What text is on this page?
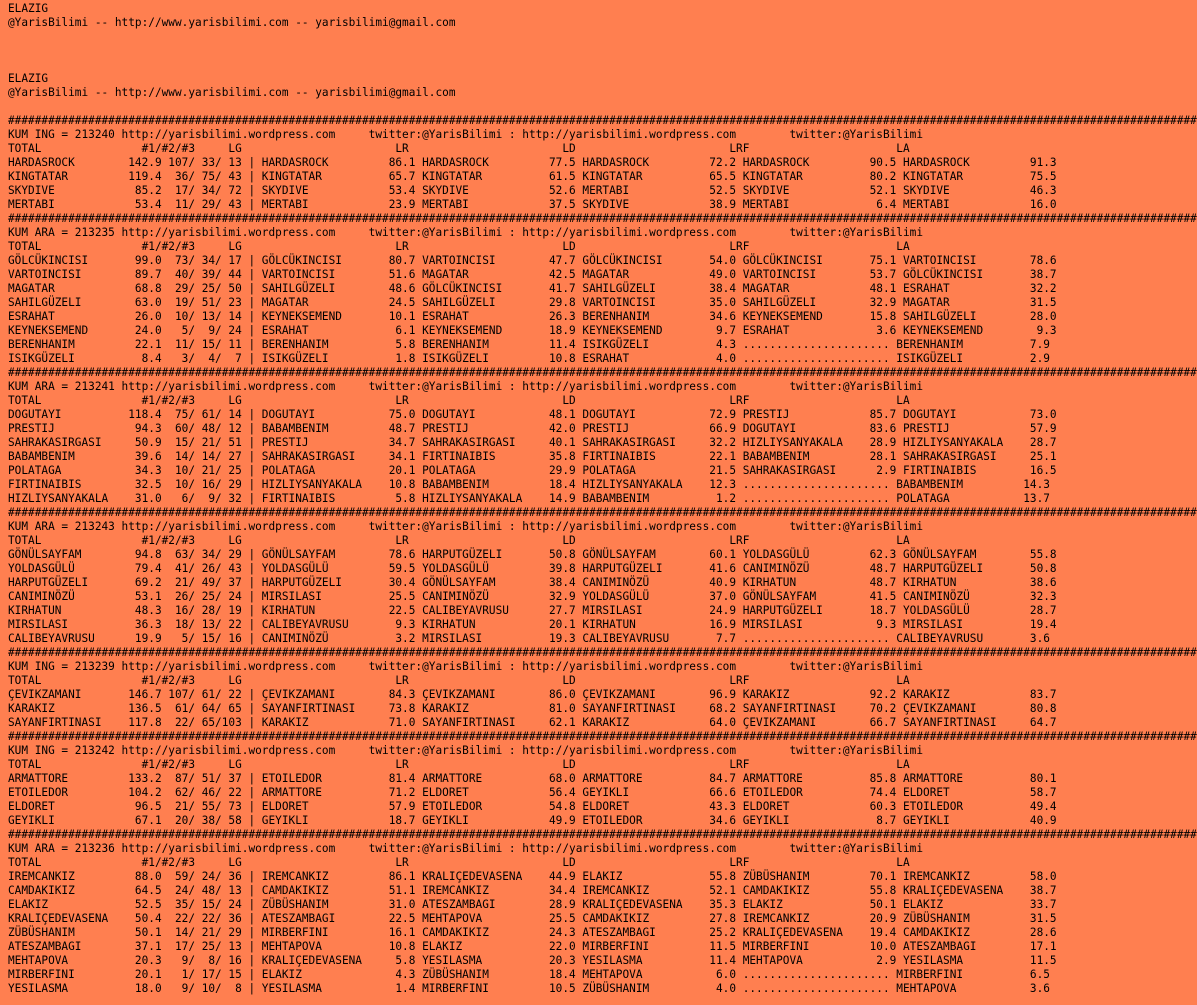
ELAZIG
@YarisBilimi -- http://www.yarisbilimi.com -- yarisbilimi@gmail.com
ELAZIG
@YarisBilimi -- http://www.yarisbilimi.com -- yarisbilimi@gmail.com
##################################################################################################################################################################################
KUM ING = 213240 http://yarisbilimi.wordpress.com     twitter:@YarisBilimi : http://yarisbilimi.wordpress.com        twitter:@YarisBilimi
TOTAL               #1/#2/#3     LG                       LR                       LD                       LRF                      LA
HARDASROCK        142.9 107/ 33/ 13 | HARDASROCK         86.1 HARDASROCK         77.5 HARDASROCK         72.2 HARDASROCK         90.5 HARDASROCK         91.3
KINGTATAR         119.4  36/ 75/ 43 | KINGTATAR          65.7 KINGTATAR          61.5 KINGTATAR          65.5 KINGTATAR          80.2 KINGTATAR          75.5
SKYDIVE            85.2  17/ 34/ 72 | SKYDIVE            53.4 SKYDIVE            52.6 MERTABI            52.5 SKYDIVE            52.1 SKYDIVE            46.3
MERTABI            53.4  11/ 29/ 43 | MERTABI            23.9 MERTABI            37.5 SKYDIVE            38.9 MERTABI             6.4 MERTABI            16.0
##################################################################################################################################################################################
KUM ARA = 213235 http://yarisbilimi.wordpress.com     twitter:@YarisBilimi : http://yarisbilimi.wordpress.com        twitter:@YarisBilimi
TOTAL               #1/#2/#3     LG                       LR                       LD                       LRF                      LA
GÖLCÜKINCISI       99.0  73/ 34/ 17 | GÖLCÜKINCISI       80.7 VARTOINCISI        47.7 GÖLCÜKINCISI       54.0 GÖLCÜKINCISI       75.1 VARTOINCISI        78.6
VARTOINCISI        89.7  40/ 39/ 44 | VARTOINCISI        51.6 MAGATAR            42.5 MAGATAR            49.0 VARTOINCISI        53.7 GÖLCÜKINCISI       38.7
MAGATAR            68.8  29/ 25/ 50 | SAHILGÜZELI        48.6 GÖLCÜKINCISI       41.7 SAHILGÜZELI        38.4 MAGATAR            48.1 ESRAHAT            32.2
SAHILGÜZELI        63.0  19/ 51/ 23 | MAGATAR            24.5 SAHILGÜZELI        29.8 VARTOINCISI        35.0 SAHILGÜZELI        32.9 MAGATAR            31.5
ESRAHAT            26.0  10/ 13/ 14 | KEYNEKSEMEND       10.1 ESRAHAT            26.3 BERENHANIM         34.6 KEYNEKSEMEND       15.8 SAHILGÜZELI        28.0
KEYNEKSEMEND       24.0   5/  9/ 24 | ESRAHAT             6.1 KEYNEKSEMEND       18.9 KEYNEKSEMEND        9.7 ESRAHAT             3.6 KEYNEKSEMEND        9.3
BERENHANIM         22.1  11/ 15/ 11 | BERENHANIM          5.8 BERENHANIM         11.4 ISIKGÜZELI          4.3 ...................... BERENHANIM          7.9
ISIKGÜZELI          8.4   3/  4/  7 | ISIKGÜZELI          1.8 ISIKGÜZELI         10.8 ESRAHAT             4.0 ...................... ISIKGÜZELI          2.9
##################################################################################################################################################################################
KUM ARA = 213241 http://yarisbilimi.wordpress.com     twitter:@YarisBilimi : http://yarisbilimi.wordpress.com        twitter:@YarisBilimi
TOTAL               #1/#2/#3     LG                       LR                       LD                       LRF                      LA
DOGUTAYI          118.4  75/ 61/ 14 | DOGUTAYI           75.0 DOGUTAYI           48.1 DOGUTAYI           72.9 PRESTIJ            85.7 DOGUTAYI           73.0
PRESTIJ            94.3  60/ 48/ 12 | BABAMBENIM         48.7 PRESTIJ            42.0 PRESTIJ            66.9 DOGUTAYI           83.6 PRESTIJ            57.9
SAHRAKASIRGASI     50.9  15/ 21/ 51 | PRESTIJ            34.7 SAHRAKASIRGASI     40.1 SAHRAKASIRGASI     32.2 HIZLIYSANYAKALA    28.9 HIZLIYSANYAKALA    28.7
BABAMBENIM         39.6  14/ 14/ 27 | SAHRAKASIRGASI     34.1 FIRTINAIBIS        35.8 FIRTINAIBIS        22.1 BABAMBENIM         28.1 SAHRAKASIRGASI     25.1
POLATAGA           34.3  10/ 21/ 25 | POLATAGA           20.1 POLATAGA           29.9 POLATAGA           21.5 SAHRAKASIRGASI      2.9 FIRTINAIBIS        16.5
FIRTINAIBIS        32.5  10/ 16/ 29 | HIZLIYSANYAKALA    10.8 BABAMBENIM         18.4 HIZLIYSANYAKALA    12.3 ...................... BABAMBENIM         14.3
HIZLIYSANYAKALA    31.0   6/  9/ 32 | FIRTINAIBIS         5.8 HIZLIYSANYAKALA    14.9 BABAMBENIM          1.2 ...................... POLATAGA           13.7
##################################################################################################################################################################################
KUM ARA = 213243 http://yarisbilimi.wordpress.com     twitter:@YarisBilimi : http://yarisbilimi.wordpress.com        twitter:@YarisBilimi
TOTAL               #1/#2/#3     LG                       LR                       LD                       LRF                      LA
GÖNÜLSAYFAM        94.8  63/ 34/ 29 | GÖNÜLSAYFAM        78.6 HARPUTGÜZELI       50.8 GÖNÜLSAYFAM        60.1 YOLDASGÜLÜ         62.3 GÖNÜLSAYFAM        55.8
YOLDASGÜLÜ         79.4  41/ 26/ 43 | YOLDASGÜLÜ         59.5 YOLDASGÜLÜ         39.8 HARPUTGÜZELI       41.6 CANIMINÖZÜ         48.7 HARPUTGÜZELI       50.8
HARPUTGÜZELI       69.2  21/ 49/ 37 | HARPUTGÜZELI       30.4 GÖNÜLSAYFAM        38.4 CANIMINÖZÜ         40.9 KIRHATUN           48.7 KIRHATUN           38.6
CANIMINÖZÜ         53.1  26/ 25/ 24 | MIRSILASI          25.5 CANIMINÖZÜ         32.9 YOLDASGÜLÜ         37.0 GÖNÜLSAYFAM        41.5 CANIMINÖZÜ         32.3
KIRHATUN           48.3  16/ 28/ 19 | KIRHATUN           22.5 CALIBEYAVRUSU      27.7 MIRSILASI          24.9 HARPUTGÜZELI       18.7 YOLDASGÜLÜ         28.7
MIRSILASI          36.3  18/ 13/ 22 | CALIBEYAVRUSU       9.3 KIRHATUN           20.1 KIRHATUN           16.9 MIRSILASI           9.3 MIRSILASI          19.4
CALIBEYAVRUSU      19.9   5/ 15/ 16 | CANIMINÖZÜ          3.2 MIRSILASI          19.3 CALIBEYAVRUSU       7.7 ...................... CALIBEYAVRUSU       3.6
##################################################################################################################################################################################
KUM ING = 213239 http://yarisbilimi.wordpress.com     twitter:@YarisBilimi : http://yarisbilimi.wordpress.com        twitter:@YarisBilimi
TOTAL               #1/#2/#3     LG                       LR                       LD                       LRF                      LA
ÇEVIKZAMANI       146.7 107/ 61/ 22 | ÇEVIKZAMANI        84.3 ÇEVIKZAMANI        86.0 ÇEVIKZAMANI        96.9 KARAKIZ            92.2 KARAKIZ            83.7
KARAKIZ           136.5  61/ 64/ 65 | SAYANFIRTINASI     73.8 KARAKIZ            81.0 SAYANFIRTINASI     68.2 SAYANFIRTINASI     70.2 ÇEVIKZAMANI        80.8
SAYANFIRTINASI    117.8  22/ 65/103 | KARAKIZ            71.0 SAYANFIRTINASI     62.1 KARAKIZ            64.0 ÇEVIKZAMANI        66.7 SAYANFIRTINASI     64.7
##################################################################################################################################################################################
KUM ING = 213242 http://yarisbilimi.wordpress.com     twitter:@YarisBilimi : http://yarisbilimi.wordpress.com        twitter:@YarisBilimi
TOTAL               #1/#2/#3     LG                       LR                       LD                       LRF                      LA
ARMATTORE         133.2  87/ 51/ 37 | ETOILEDOR          81.4 ARMATTORE          68.0 ARMATTORE          84.7 ARMATTORE          85.8 ARMATTORE          80.1
ETOILEDOR         104.2  62/ 46/ 22 | ARMATTORE          71.2 ELDORET            56.4 GEYIKLI            66.6 ETOILEDOR          74.4 ELDORET            58.7
ELDORET            96.5  21/ 55/ 73 | ELDORET            57.9 ETOILEDOR          54.8 ELDORET            43.3 ELDORET            60.3 ETOILEDOR          49.4
GEYIKLI            67.1  20/ 38/ 58 | GEYIKLI            18.7 GEYIKLI            49.9 ETOILEDOR          34.6 GEYIKLI             8.7 GEYIKLI            40.9
##################################################################################################################################################################################
KUM ARA = 213236 http://yarisbilimi.wordpress.com     twitter:@YarisBilimi : http://yarisbilimi.wordpress.com        twitter:@YarisBilimi
TOTAL               #1/#2/#3     LG                       LR                       LD                       LRF                      LA
IREMCANKIZ         88.0  59/ 24/ 36 | IREMCANKIZ         86.1 KRALIÇEDEVASENA    44.9 ELAKIZ             55.8 ZÜBÜSHANIM         70.1 IREMCANKIZ         58.0
CAMDAKIKIZ         64.5  24/ 48/ 13 | CAMDAKIKIZ         51.1 IREMCANKIZ         34.4 IREMCANKIZ         52.1 CAMDAKIKIZ         55.8 KRALIÇEDEVASENA    38.7
ELAKIZ             52.5  35/ 15/ 24 | ZÜBÜSHANIM         31.0 ATESZAMBAGI        28.9 KRALIÇEDEVASENA    35.3 ELAKIZ             50.1 ELAKIZ             33.7
KRALIÇEDEVASENA    50.4  22/ 22/ 36 | ATESZAMBAGI        22.5 MEHTAPOVA          25.5 CAMDAKIKIZ         27.8 IREMCANKIZ         20.9 ZÜBÜSHANIM         31.5
ZÜBÜSHANIM         50.1  14/ 21/ 29 | MIRBERFINI         16.1 CAMDAKIKIZ         24.3 ATESZAMBAGI        25.2 KRALIÇEDEVASENA    19.4 CAMDAKIKIZ         28.6
ATESZAMBAGI        37.1  17/ 25/ 13 | MEHTAPOVA          10.8 ELAKIZ             22.0 MIRBERFINI         11.5 MIRBERFINI         10.0 ATESZAMBAGI        17.1
MEHTAPOVA          20.3   9/  8/ 16 | KRALIÇEDEVASENA     5.8 YESILASMA          20.3 YESILASMA          11.4 MEHTAPOVA           2.9 YESILASMA          11.5
MIRBERFINI         20.1   1/ 17/ 15 | ELAKIZ              4.3 ZÜBÜSHANIM         18.4 MEHTAPOVA           6.0 ...................... MIRBERFINI          6.5
YESILASMA          18.0   9/ 10/  8 | YESILASMA           1.4 MIRBERFINI         10.5 ZÜBÜSHANIM          4.0 ...................... MEHTAPOVA           3.6
